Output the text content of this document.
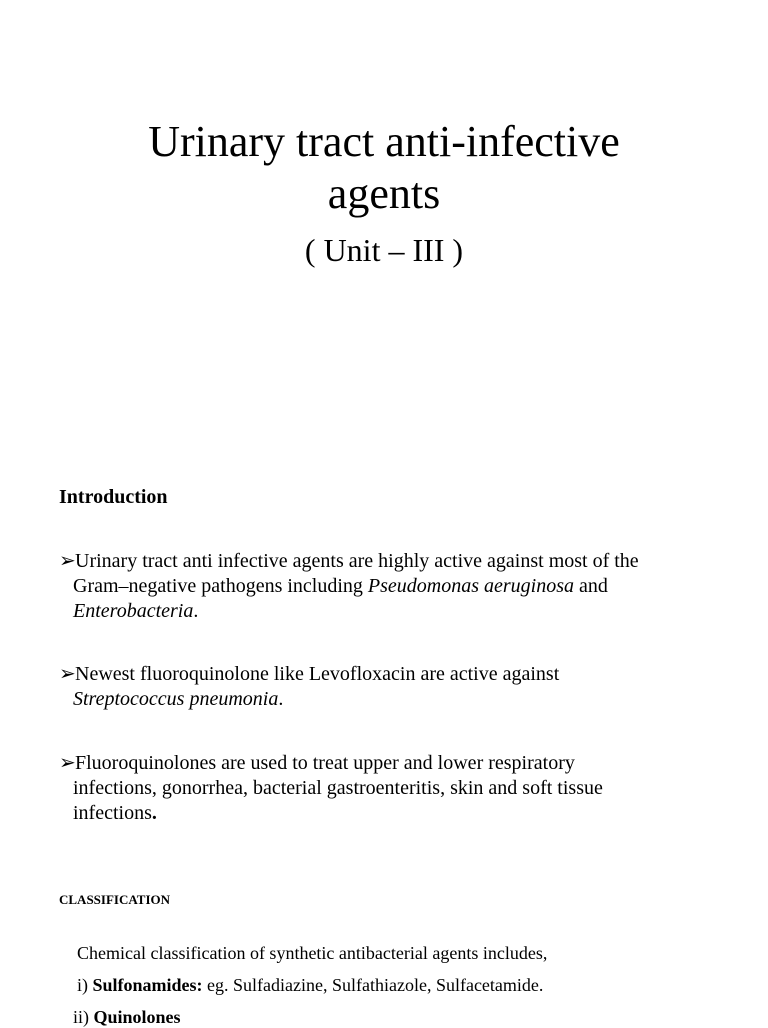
Urinary tract anti-infective
agents
( Unit – III )
Introduction
➢ Urinary tract anti infective agents are highly active against most of the
Gram–negative pathogens including Pseudomonas aeruginosa and
Enterobacteria.
➢ Newest fluoroquinolone like Levofloxacin are active against
Streptococcus pneumonia.
➢ Fluoroquinolones are used to treat upper and lower respiratory
infections, gonorrhea, bacterial gastroenteritis, skin and soft tissue
infections.
CLASSIFICATION
Chemical classification of synthetic antibacterial agents includes,
i) Sulfonamides: eg. Sulfadiazine, Sulfathiazole, Sulfacetamide.
ii) Quinolones
